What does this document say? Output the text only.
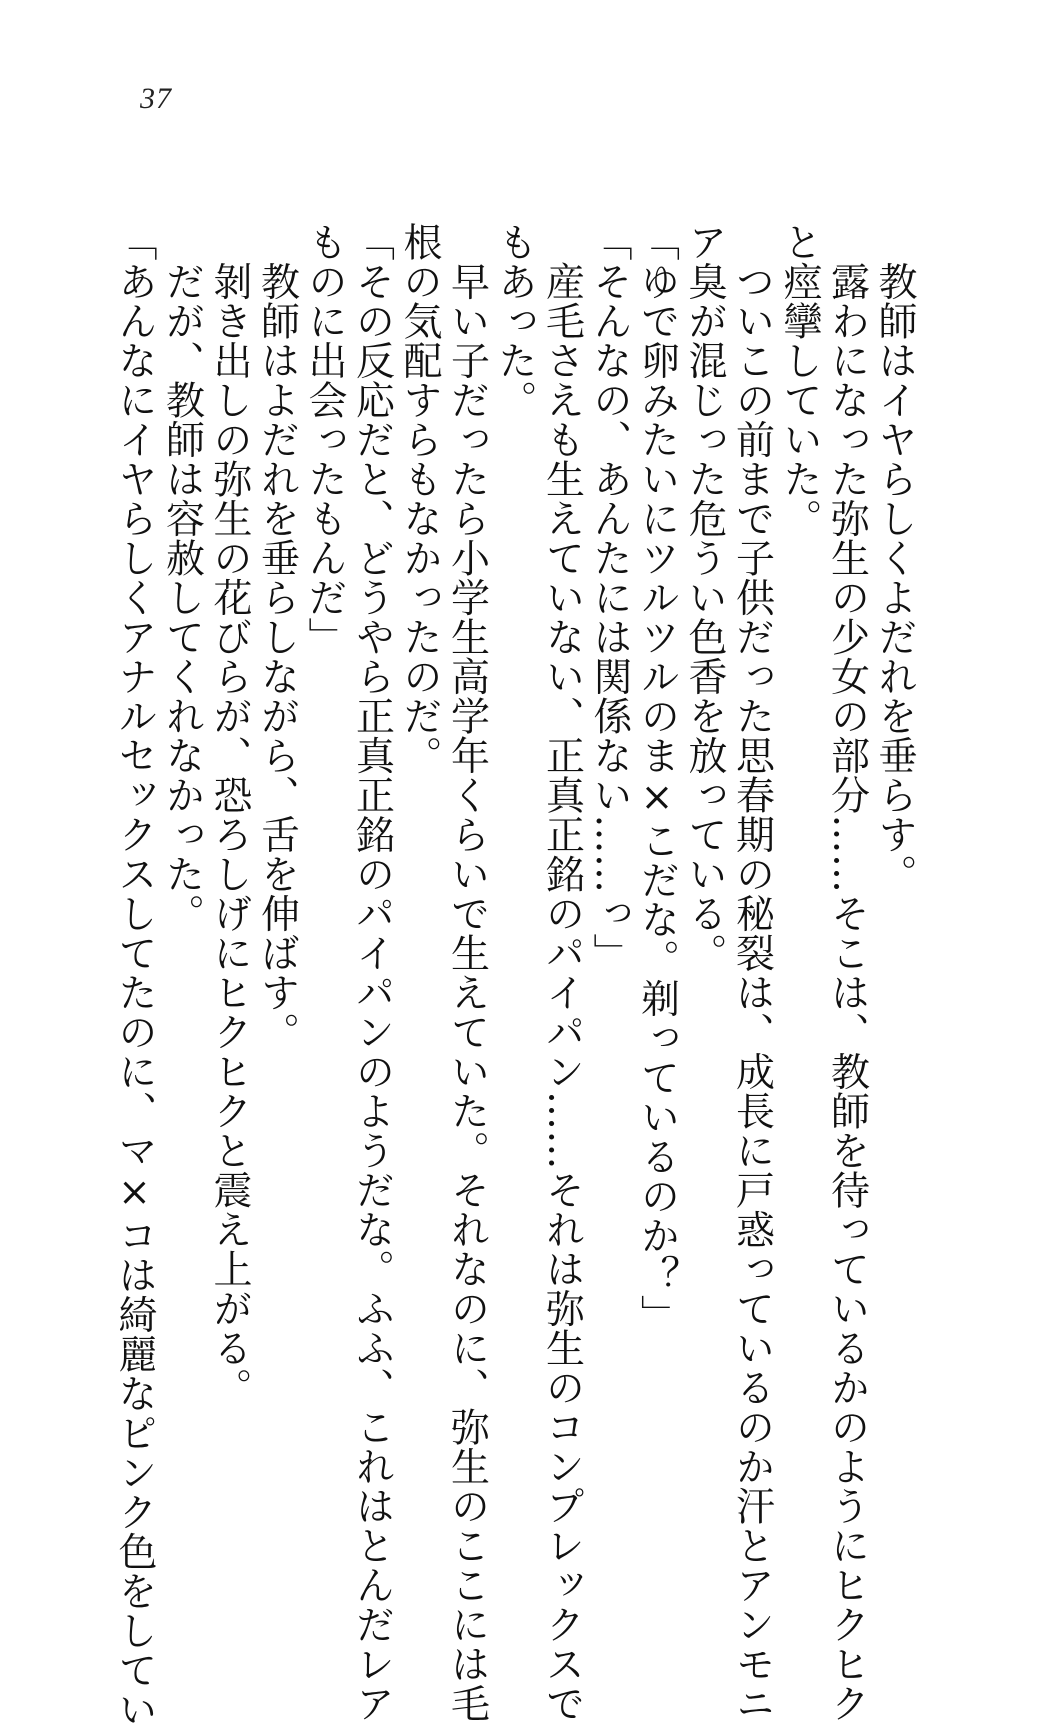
37
　教師はイヤらしくよだれを垂らす。
　露わになった弥生の少女の部分……そこは、教師を待っているかのようにヒクヒク
と痙攣していた。
　ついこの前まで子供だった思春期の秘裂は、成長に戸惑っているのか汗とアンモニ
ア臭が混じった危うい色香を放っている。
「ゆで卵みたいにツルツルのま×こだな。剃っているのか？」
「そんなの、あんたには関係ない……っ」
　産毛さえも生えていない、正真正銘のパイパン……それは弥生のコンプレックスで
もあった。
　早い子だったら小学生高学年くらいで生えていた。それなのに、弥生のここには毛
根の気配すらもなかったのだ。
「その反応だと、どうやら正真正銘のパイパンのようだな。ふふ、これはとんだレア
ものに出会ったもんだ」
　教師はよだれを垂らしながら、舌を伸ばす。
　剝き出しの弥生の花びらが、恐ろしげにヒクヒクと震え上がる。
　だが、教師は容赦してくれなかった。
「あんなにイヤらしくアナルセックスしてたのに、マ×コは綺麗なピンク色をしてい
